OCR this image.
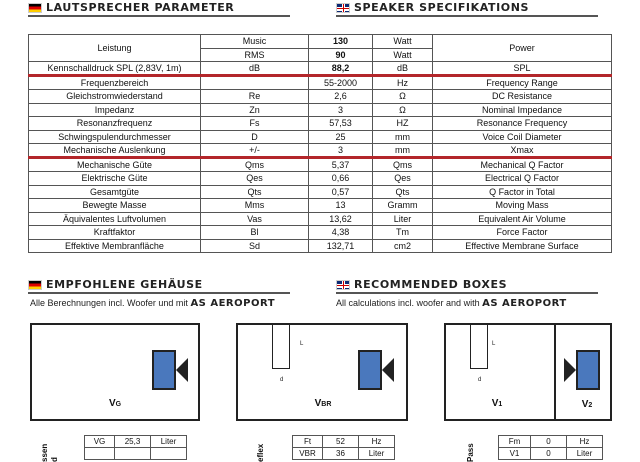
LAUTSPRECHER PARAMETER	SPEAKER SPECIFIKATIONS
Leistung	Music	130	Watt	Power
	RMS	90	Watt	
Kennschalldruck SPL (2,83V, 1m)	dB	88,2	dB	SPL
Frequenzbereich		55-2000	Hz	Frequency Range
Gleichstromwiederstand	Re	2,6	Ω	DC Resistance
Impedanz	Zn	3	Ω	Nominal Impedance
Resonanzfrequenz	Fs	57,53	HZ	Resonance Frequency
Schwingspulendurchmesser	D	25	mm	Voice Coil Diameter
Mechanische Auslenkung	+/-	3	mm	Xmax
Mechanische Güte	Qms	5,37	Qms	Mechanical Q Factor
Elektrische Güte	Qes	0,66	Qes	Electrical Q Factor
Gesamtgüte	Qts	0,57	Qts	Q Factor in Total
Bewegte Masse	Mms	13	Gramm	Moving Mass
Äquivalentes Luftvolumen	Vas	13,62	Liter	Equivalent Air Volume
Kraftfaktor	Bl	4,38	Tm	Force Factor
Effektive Membranfläche	Sd	132,71	cm2	Effective Membrane Surface
EMPFOHLENE GEHÄUSE	RECOMMENDED BOXES
Alle Berechnungen incl. Woofer und mit AS AEROPORT	All calculations incl. woofer and with AS AEROPORT
VG
L
d
VBR
L
d
V1	V2
ssen d
VG	25,3	Liter

eflex
Ft	52	Hz
VBR	36	Liter	Pass
Fm	0	Hz
V1	0	Liter
